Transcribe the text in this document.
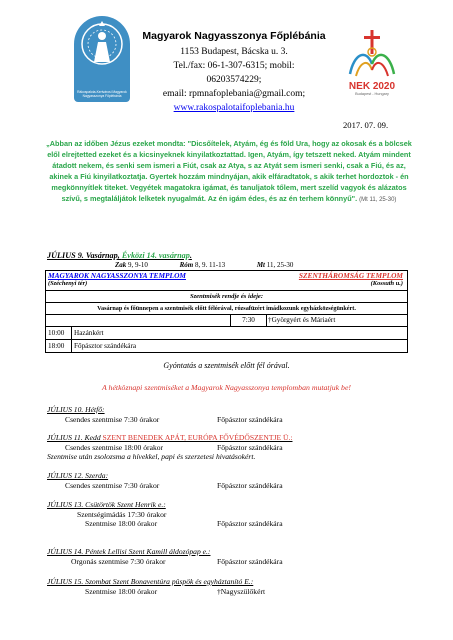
Rákospalota-Kertvárosi Magyarok Nagyasszonya Főplébánia
Magyarok Nagyasszonya Főplébánia
1153 Budapest, Bácska u. 3.
Tel./fax: 06-1-307-6315; mobil:
06203574229;
email: rpmnafoplebania@gmail.com;
www.rakospalotaifoplebania.hu
NEK 2020
Budapest - Hungary
2017. 07. 09.
„Abban az időben Jézus ezeket mondta: "Dicsőítelek, Atyám, ég és föld Ura, hogy az okosak és a bölcsek elől elrejtetted ezeket és a kicsinyeknek kinyilatkoztattad. Igen, Atyám, így tetszett neked. Atyám mindent átadott nekem, és senki sem ismeri a Fiút, csak az Atya, s az Atyát sem ismeri senki, csak a Fiú, és az, akinek a Fiú kinyilatkoztatja. Gyertek hozzám mindnyájan, akik elfáradtatok, s akik terhet hordoztok - én megkönnyítlek titeket. Vegyétek magatokra igámat, és tanuljatok tőlem, mert szelíd vagyok és alázatos szívű, s megtaláljátok lelketek nyugalmát. Az én igám édes, és az én terhem könnyű". (Mt 11, 25-30)
JÚLIUS 9. Vasárnap, Évközi 14. vasárnap.
Zak 9, 9-10	Róm 8, 9. 11-13	Mt 11, 25-30
MAGYAROK NAGYASSZONYA TEMPLOM	SZENTHÁROMSÁG TEMPLOM
(Széchenyi tér)	(Kossuth u.)
Szentmisék rendje és ideje:
Vasárnap és főünnepen a szentmisék előtt félórával, rózsafüzért imádkozunk egyházközségünkért.
7:30	†Györgyért és Máriaért
10:00	Hazánkért
18:00	Főpásztor szándékára
Gyóntatás a szentmisék előtt fél órával.
A hétköznapi szentmiséket a Magyarok Nagyasszonya templomban mutatjuk be!
JÚLIUS 10. Hétfő:
Csendes szentmise 7:30 órakor	Főpásztor szándékára
JÚLIUS 11. Kedd SZENT BENEDEK APÁT, EURÓPA FŐVÉDŐSZENTJE Ü.:
Csendes szentmise 18:00 órakor	Főpásztor szándékára
Szentmise után zsolozsma a hívekkel, papi és szerzetesi hivatásokért.
JÚLIUS 12. Szerda:
Csendes szentmise 7:30 órakor	Főpásztor szándékára
JÚLIUS 13. Csütörtök Szent Henrik e.:
Szentségimádás 17:30 órakor
Szentmise 18:00 órakor	Főpásztor szándékára
JÚLIUS 14. Péntek Lellisi Szent Kamill áldozópap e.:
Orgonás szentmise 7:30 órakor	Főpásztor szándékára
JÚLIUS 15. Szombat Szent Bonaventúra püspök és egyháztanító E.:
Szentmise 18:00 órakor	†Nagyszülőkért
